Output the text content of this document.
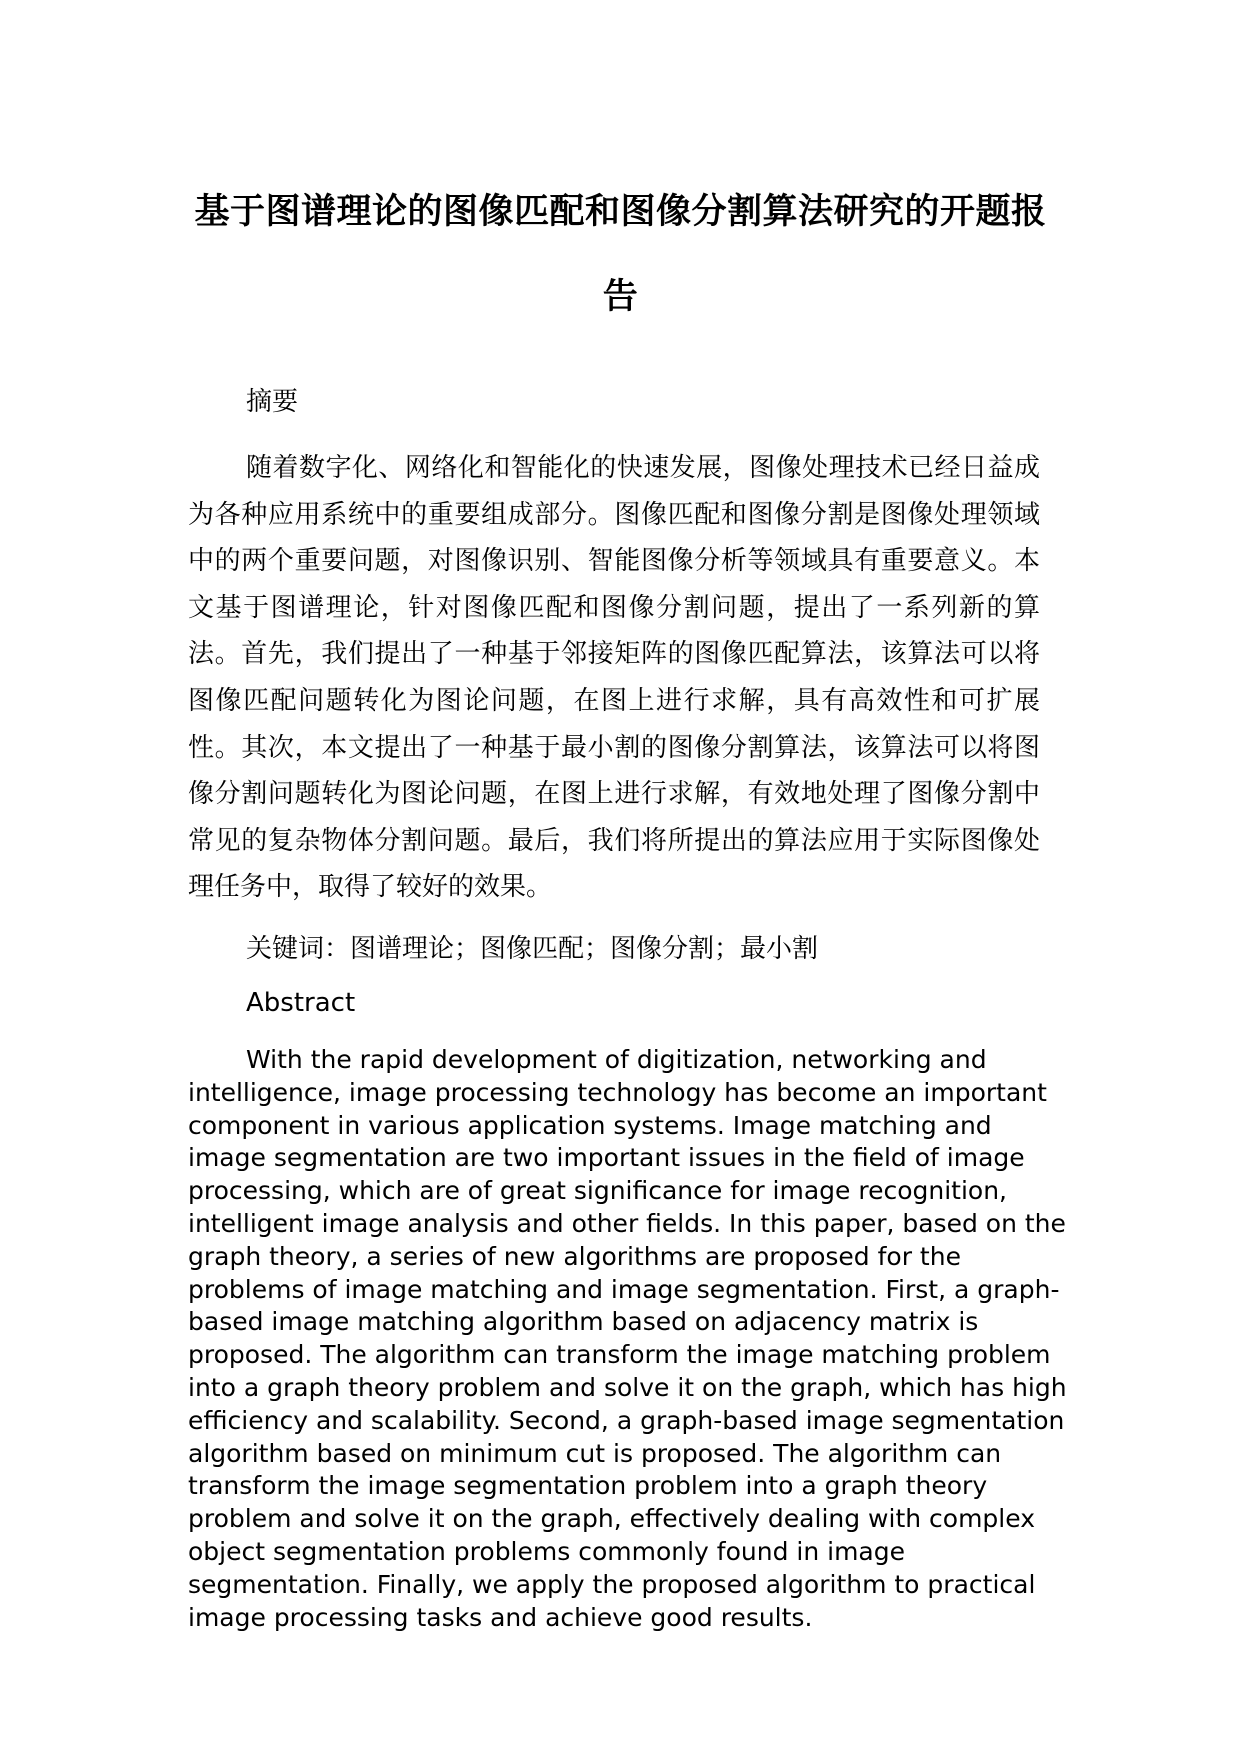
基于图谱理论的图像匹配和图像分割算法研究的开题报告
摘要
随着数字化、网络化和智能化的快速发展，图像处理技术已经日益成为各种应用系统中的重要组成部分。图像匹配和图像分割是图像处理领域中的两个重要问题，对图像识别、智能图像分析等领域具有重要意义。本文基于图谱理论，针对图像匹配和图像分割问题，提出了一系列新的算法。首先，我们提出了一种基于邻接矩阵的图像匹配算法，该算法可以将图像匹配问题转化为图论问题，在图上进行求解，具有高效性和可扩展性。其次，本文提出了一种基于最小割的图像分割算法，该算法可以将图像分割问题转化为图论问题，在图上进行求解，有效地处理了图像分割中常见的复杂物体分割问题。最后，我们将所提出的算法应用于实际图像处理任务中，取得了较好的效果。
关键词：图谱理论；图像匹配；图像分割；最小割
Abstract
With the rapid development of digitization, networking and intelligence, image processing technology has become an important component in various application systems. Image matching and image segmentation are two important issues in the field of image processing, which are of great significance for image recognition, intelligent image analysis and other fields. In this paper, based on the graph theory, a series of new algorithms are proposed for the problems of image matching and image segmentation. First, a graph-based image matching algorithm based on adjacency matrix is proposed. The algorithm can transform the image matching problem into a graph theory problem and solve it on the graph, which has high efficiency and scalability. Second, a graph-based image segmentation algorithm based on minimum cut is proposed. The algorithm can transform the image segmentation problem into a graph theory problem and solve it on the graph, effectively dealing with complex object segmentation problems commonly found in image segmentation. Finally, we apply the proposed algorithm to practical image processing tasks and achieve good results.
